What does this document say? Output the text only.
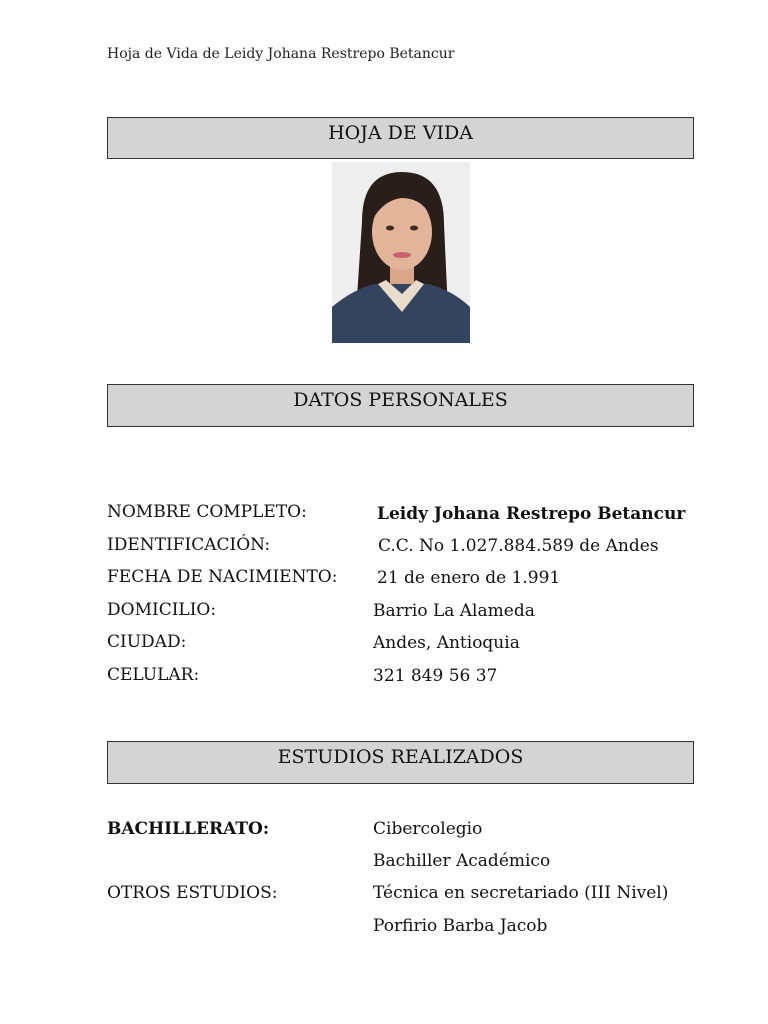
Hoja de Vida de Leidy Johana Restrepo Betancur
HOJA DE VIDA
DATOS PERSONALES
NOMBRE COMPLETO:	Leidy Johana Restrepo Betancur
IDENTIFICACIÓN:	C.C. No 1.027.884.589 de Andes
FECHA DE NACIMIENTO: 21 de enero de 1.991
DOMICILIO:	Barrio La Alameda
CIUDAD:	Andes, Antioquia
CELULAR:	321 849 56 37
ESTUDIOS REALIZADOS
BACHILLERATO:	Cibercolegio
Bachiller Académico
OTROS ESTUDIOS:	Técnica en secretariado (III Nivel)
Porfirio Barba Jacob
